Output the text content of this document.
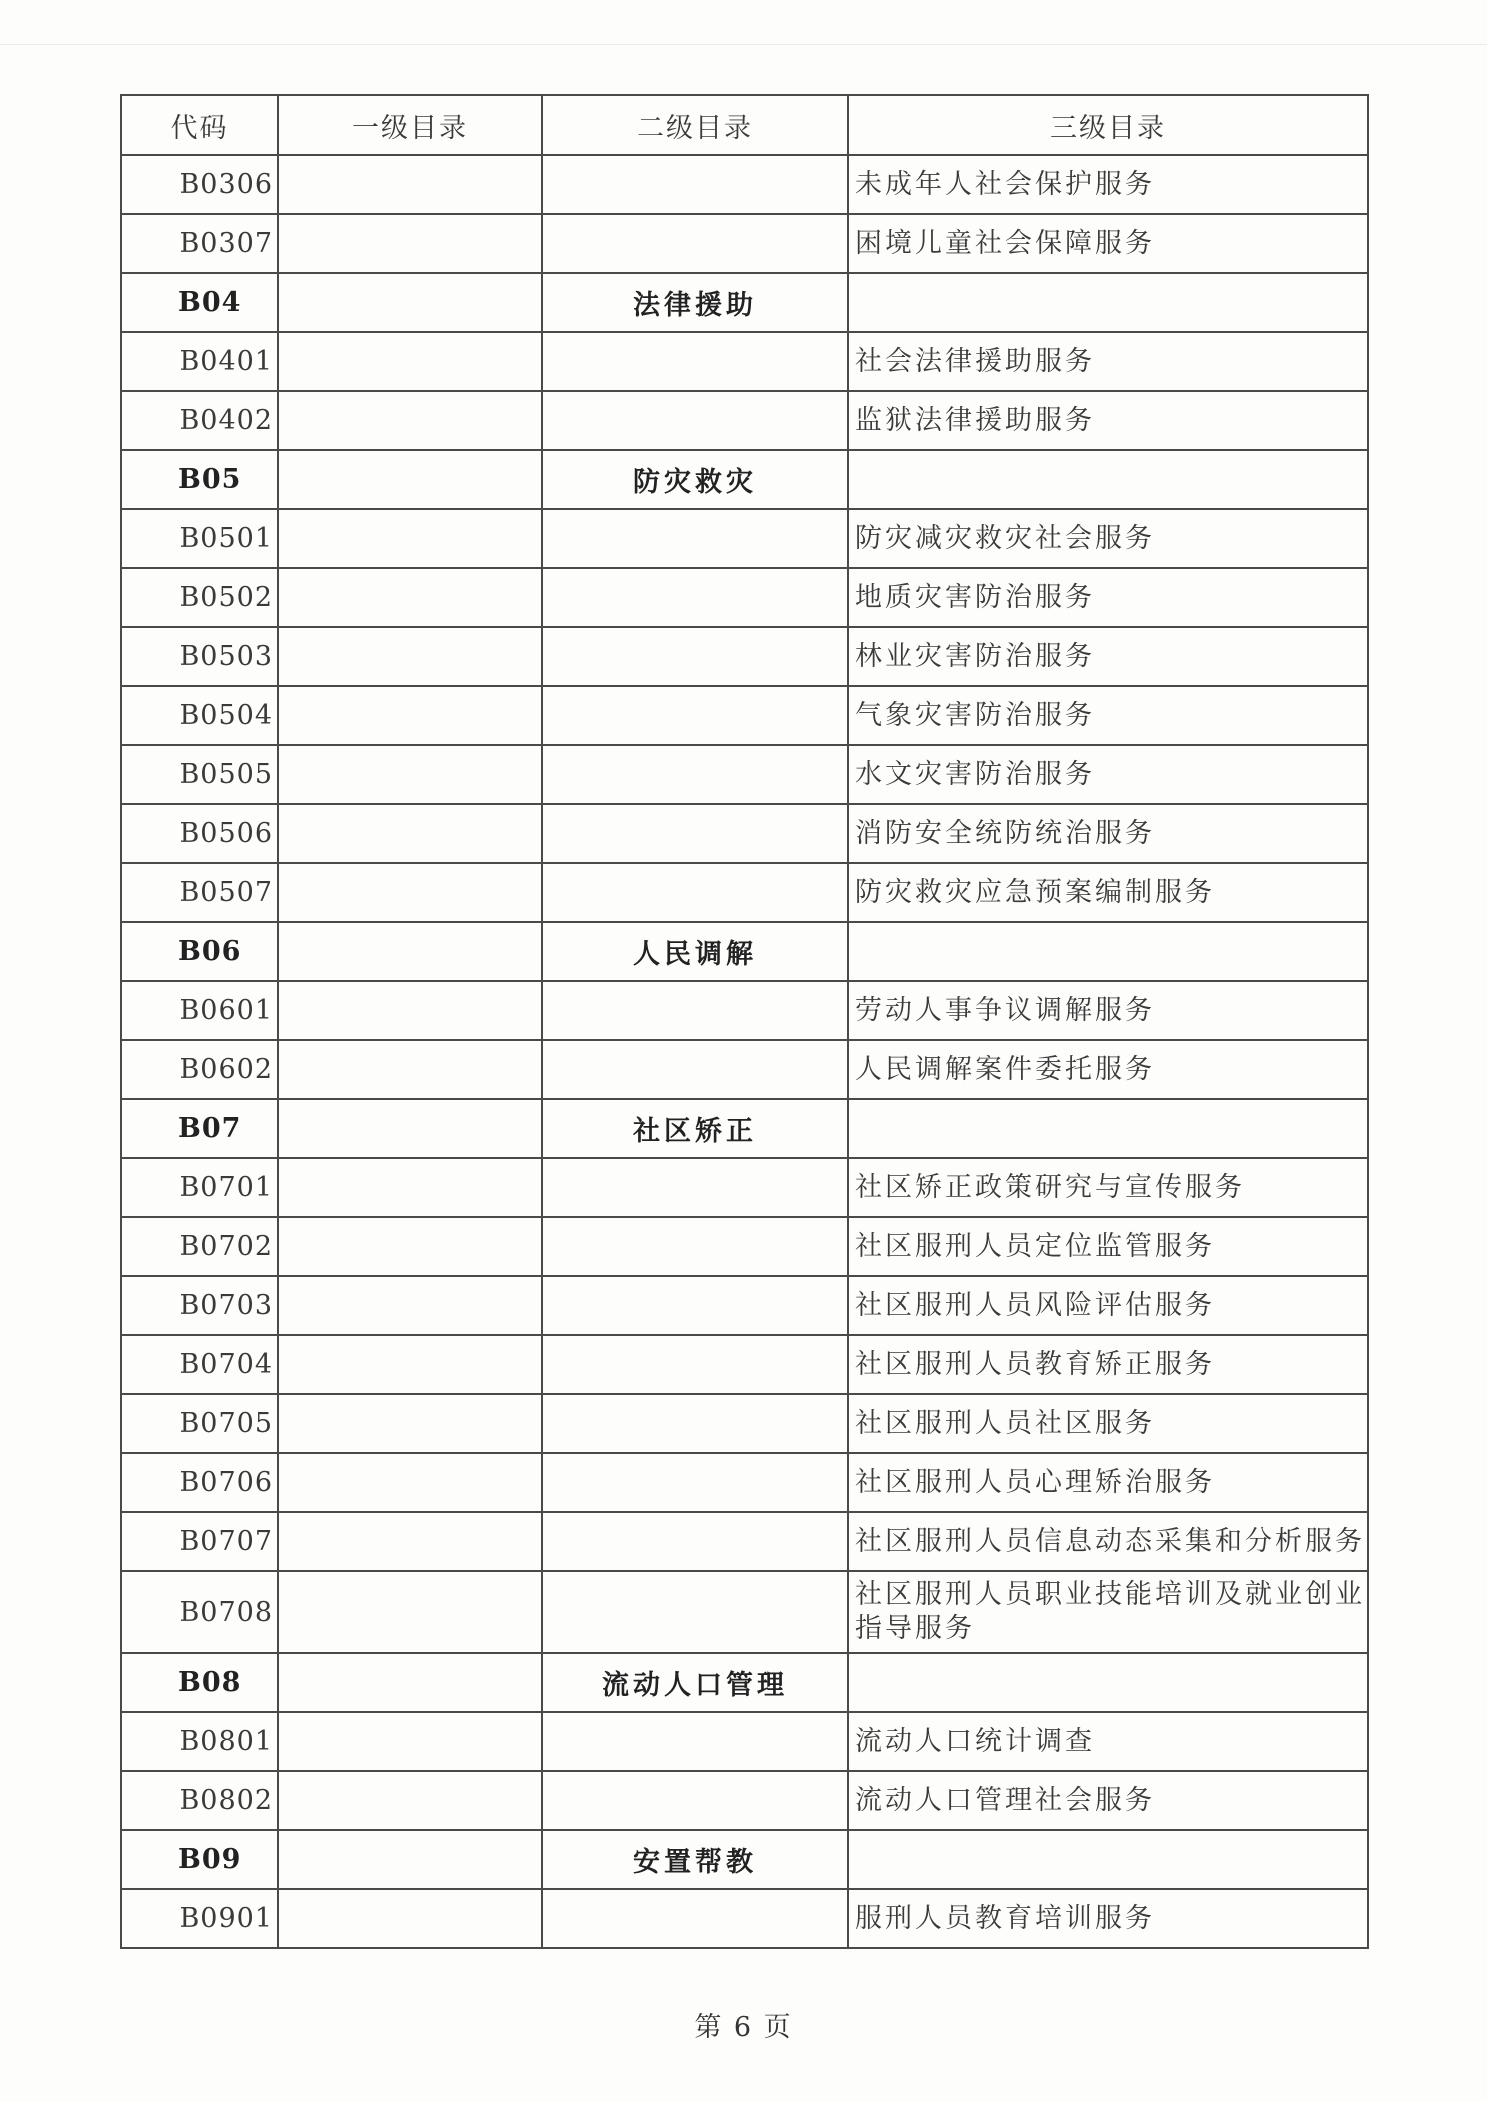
代码	一级目录	二级目录	三级目录
B0306			未成年人社会保护服务
B0307			困境儿童社会保障服务
B04		法律援助	
B0401			社会法律援助服务
B0402			监狱法律援助服务
B05		防灾救灾	
B0501			防灾减灾救灾社会服务
B0502			地质灾害防治服务
B0503			林业灾害防治服务
B0504			气象灾害防治服务
B0505			水文灾害防治服务
B0506			消防安全统防统治服务
B0507			防灾救灾应急预案编制服务
B06		人民调解	
B0601			劳动人事争议调解服务
B0602			人民调解案件委托服务
B07		社区矫正	
B0701			社区矫正政策研究与宣传服务
B0702			社区服刑人员定位监管服务
B0703			社区服刑人员风险评估服务
B0704			社区服刑人员教育矫正服务
B0705			社区服刑人员社区服务
B0706			社区服刑人员心理矫治服务
B0707			社区服刑人员信息动态采集和分析服务
B0708			社区服刑人员职业技能培训及就业创业指导服务
B08		流动人口管理	
B0801			流动人口统计调查
B0802			流动人口管理社会服务
B09		安置帮教	
B0901			服刑人员教育培训服务
第 6 页
